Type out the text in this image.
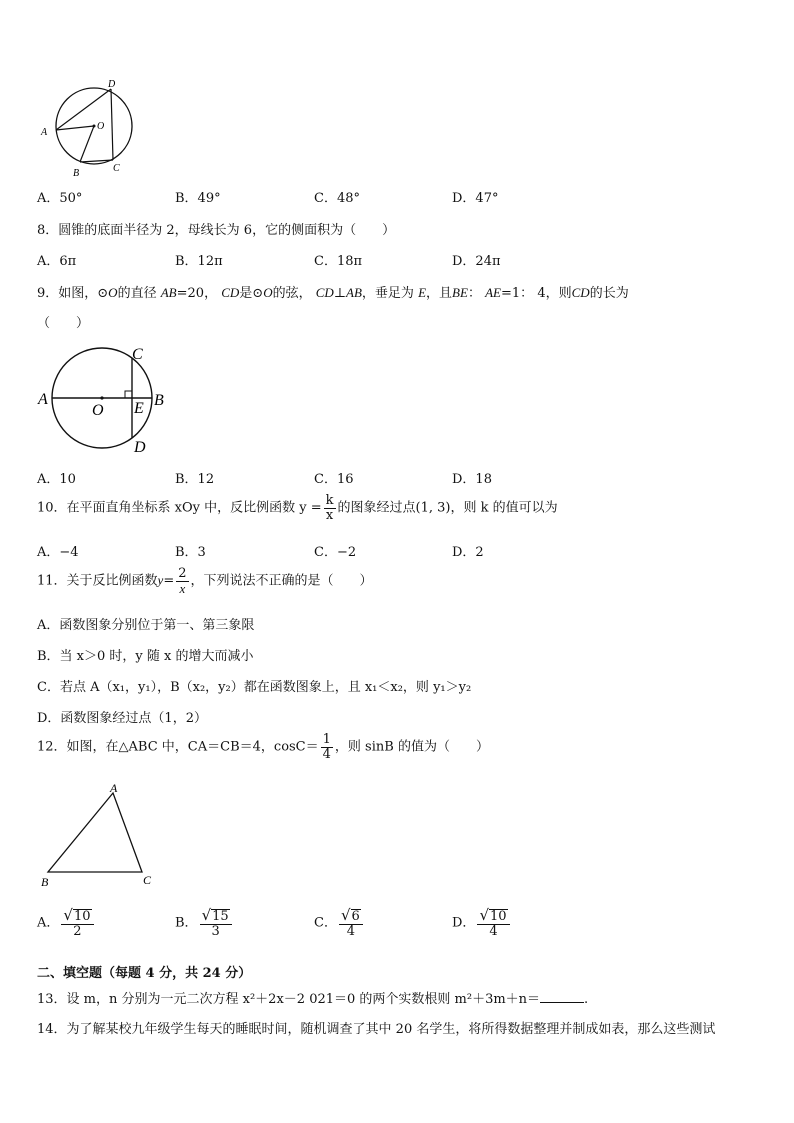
D
A
O
B	C
A．50°	B．49°	C．48°	D．47°
8．圆锥的底面半径为 2，母线长为 6，它的侧面积为（　　）
A．6π	B．12π	C．18π	D．24π
9．如图，⊙O的直径 AB=20， CD是⊙O的弦， CD⊥AB，垂足为 E，且BE： AE=1： 4，则CD的长为
（　　）
A
O E B
C
D
A．10	B．12	C．16	D．18
10．在平面直角坐标系 xOy 中，反比例函数 $y = \frac{k}{x}$ 的图象经过点(1, 3)，则 k 的值可以为
A．−4	B．3	C．−2	D．2
11．关于反比例函数$y= \frac{2}{x}$ ，下列说法不正确的是（　　）
A．函数图象分别位于第一、第三象限
B．当 x＞0 时，y 随 x 的增大而减小
C．若点 A（x₁，y₁），B（x₂，y₂）都在函数图象上，且 x₁＜x₂，则 y₁＞y₂
D．函数图象经过点（1，2）
12．如图，在△ABC 中，CA＝CB＝4，$\cos C= \frac{1}{4}$ ，则 sinB 的值为（　　）
A
B	C
A． $\frac{√10}{2}$	B． $\frac{√15}{3}$	C． $\frac{√6}{4}$	D． $\frac{√10}{4}$
二、填空题（每题 4 分，共 24 分）
13．设 m，n 分别为一元二次方程 x²＋2x－2 021＝0 的两个实数根则 m²＋3m＋n＝	.
14．为了解某校九年级学生每天的睡眠时间，随机调查了其中 20 名学生，将所得数据整理并制成如表，那么这些测试
